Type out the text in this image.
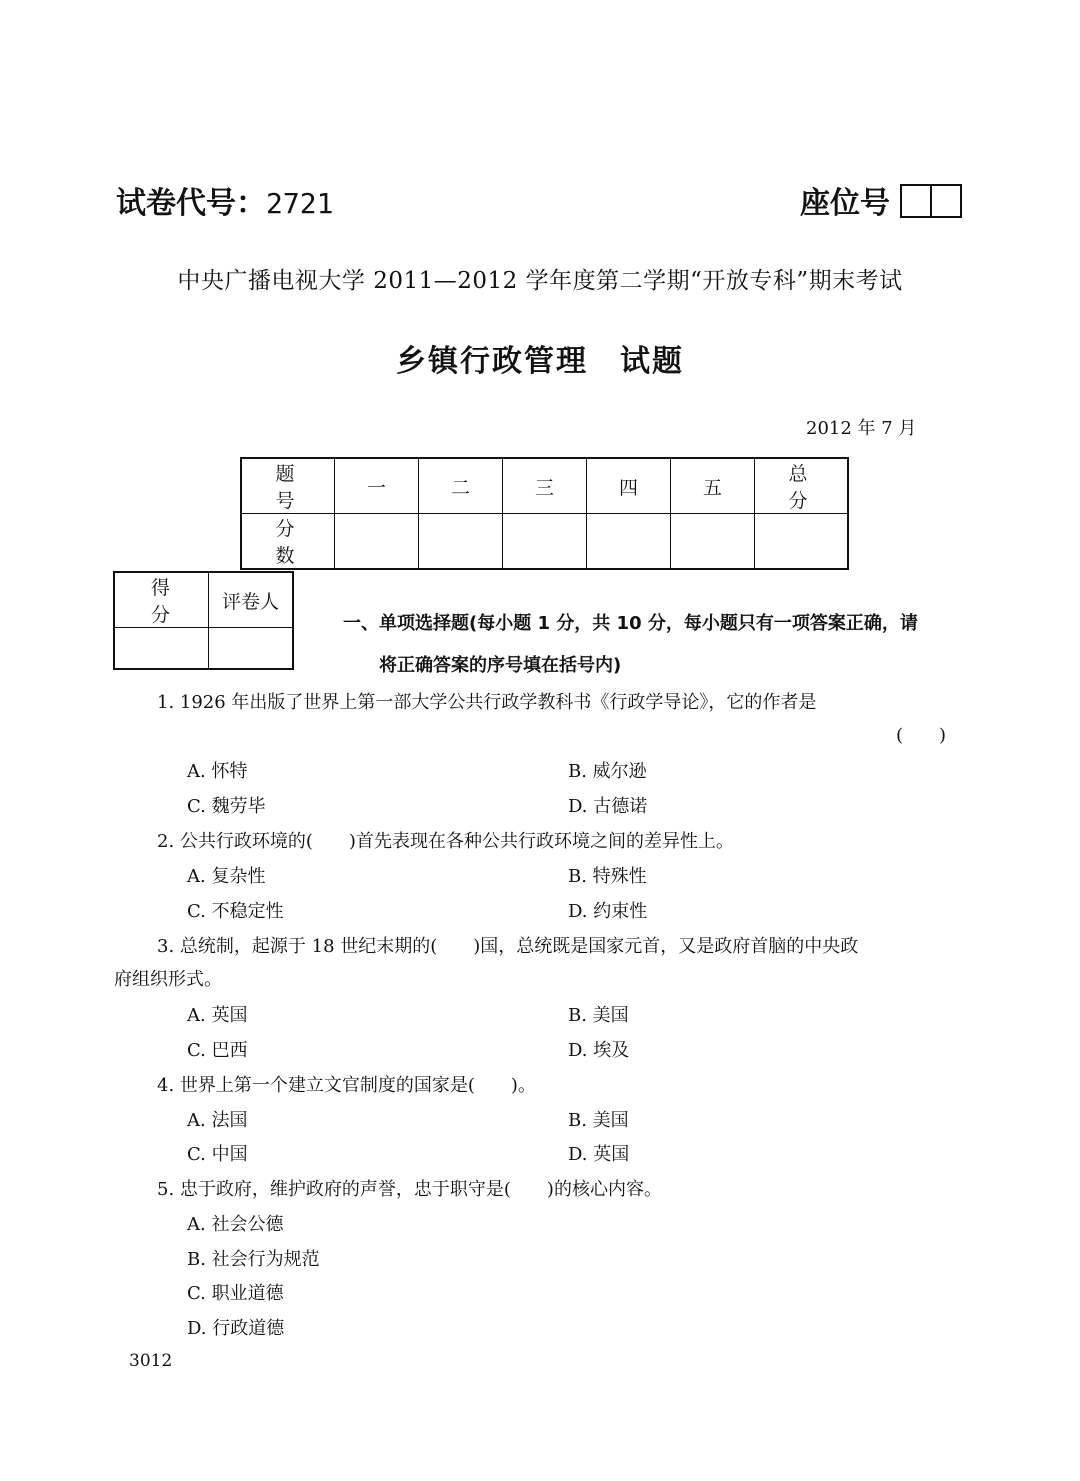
试卷代号：2721	座位号
中央广播电视大学 2011—2012 学年度第二学期“开放专科”期末考试
乡镇行政管理　试题
2012 年 7 月
题　号	一	二	三	四	五	总　分
分　数						
得　分	评卷人

一、单项选择题(每小题 1 分，共 10 分，每小题只有一项答案正确，请
将正确答案的序号填在括号内)
1. 1926 年出版了世界上第一部大学公共行政学教科书《行政学导论》，它的作者是
(　　)
A. 怀特	B. 威尔逊
C. 魏劳毕	D. 古德诺
2. 公共行政环境的(　　)首先表现在各种公共行政环境之间的差异性上。
A. 复杂性	B. 特殊性
C. 不稳定性	D. 约束性
3. 总统制，起源于 18 世纪末期的(　　)国，总统既是国家元首，又是政府首脑的中央政
府组织形式。
A. 英国	B. 美国
C. 巴西	D. 埃及
4. 世界上第一个建立文官制度的国家是(　　)。
A. 法国	B. 美国
C. 中国	D. 英国
5. 忠于政府，维护政府的声誉，忠于职守是(　　)的核心内容。
A. 社会公德
B. 社会行为规范
C. 职业道德
D. 行政道德
3012
